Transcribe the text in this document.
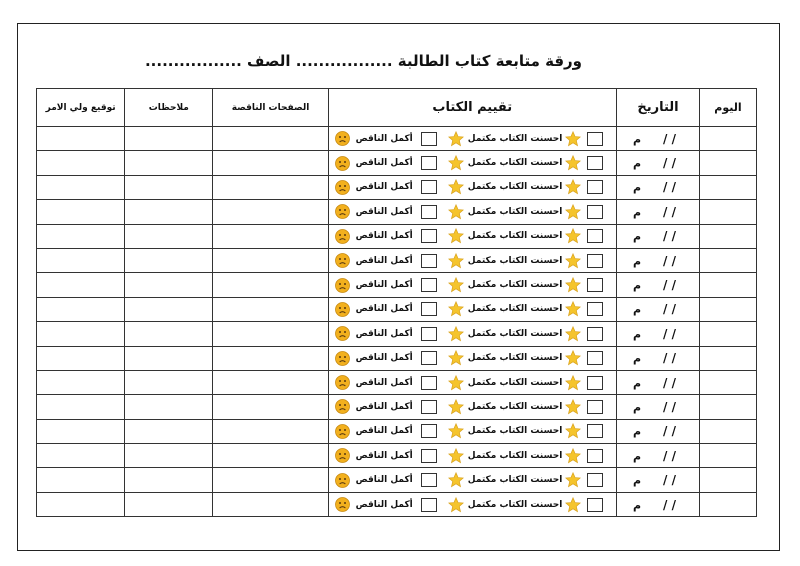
ورقة متابعة كتاب الطالبة ................. الصف .................
اليوم	التاريخ	تقييم الكتاب	الصفحات الناقصة	ملاحظات	توقيع ولي الامر
	م / /	أكمل الناقص احسنت الكتاب مكتمل			

	م / /	أكمل الناقص احسنت الكتاب مكتمل			

	م / /	أكمل الناقص احسنت الكتاب مكتمل			

	م / /	أكمل الناقص احسنت الكتاب مكتمل			

	م / /	أكمل الناقص احسنت الكتاب مكتمل			

	م / /	أكمل الناقص احسنت الكتاب مكتمل			

	م / /	أكمل الناقص احسنت الكتاب مكتمل			

	م / /	أكمل الناقص احسنت الكتاب مكتمل			

	م / /	أكمل الناقص احسنت الكتاب مكتمل			

	م / /	أكمل الناقص احسنت الكتاب مكتمل			

	م / /	أكمل الناقص احسنت الكتاب مكتمل			

	م / /	أكمل الناقص احسنت الكتاب مكتمل			

	م / /	أكمل الناقص احسنت الكتاب مكتمل			

	م / /	أكمل الناقص احسنت الكتاب مكتمل			

	م / /	أكمل الناقص احسنت الكتاب مكتمل			

	م / /	أكمل الناقص احسنت الكتاب مكتمل			
